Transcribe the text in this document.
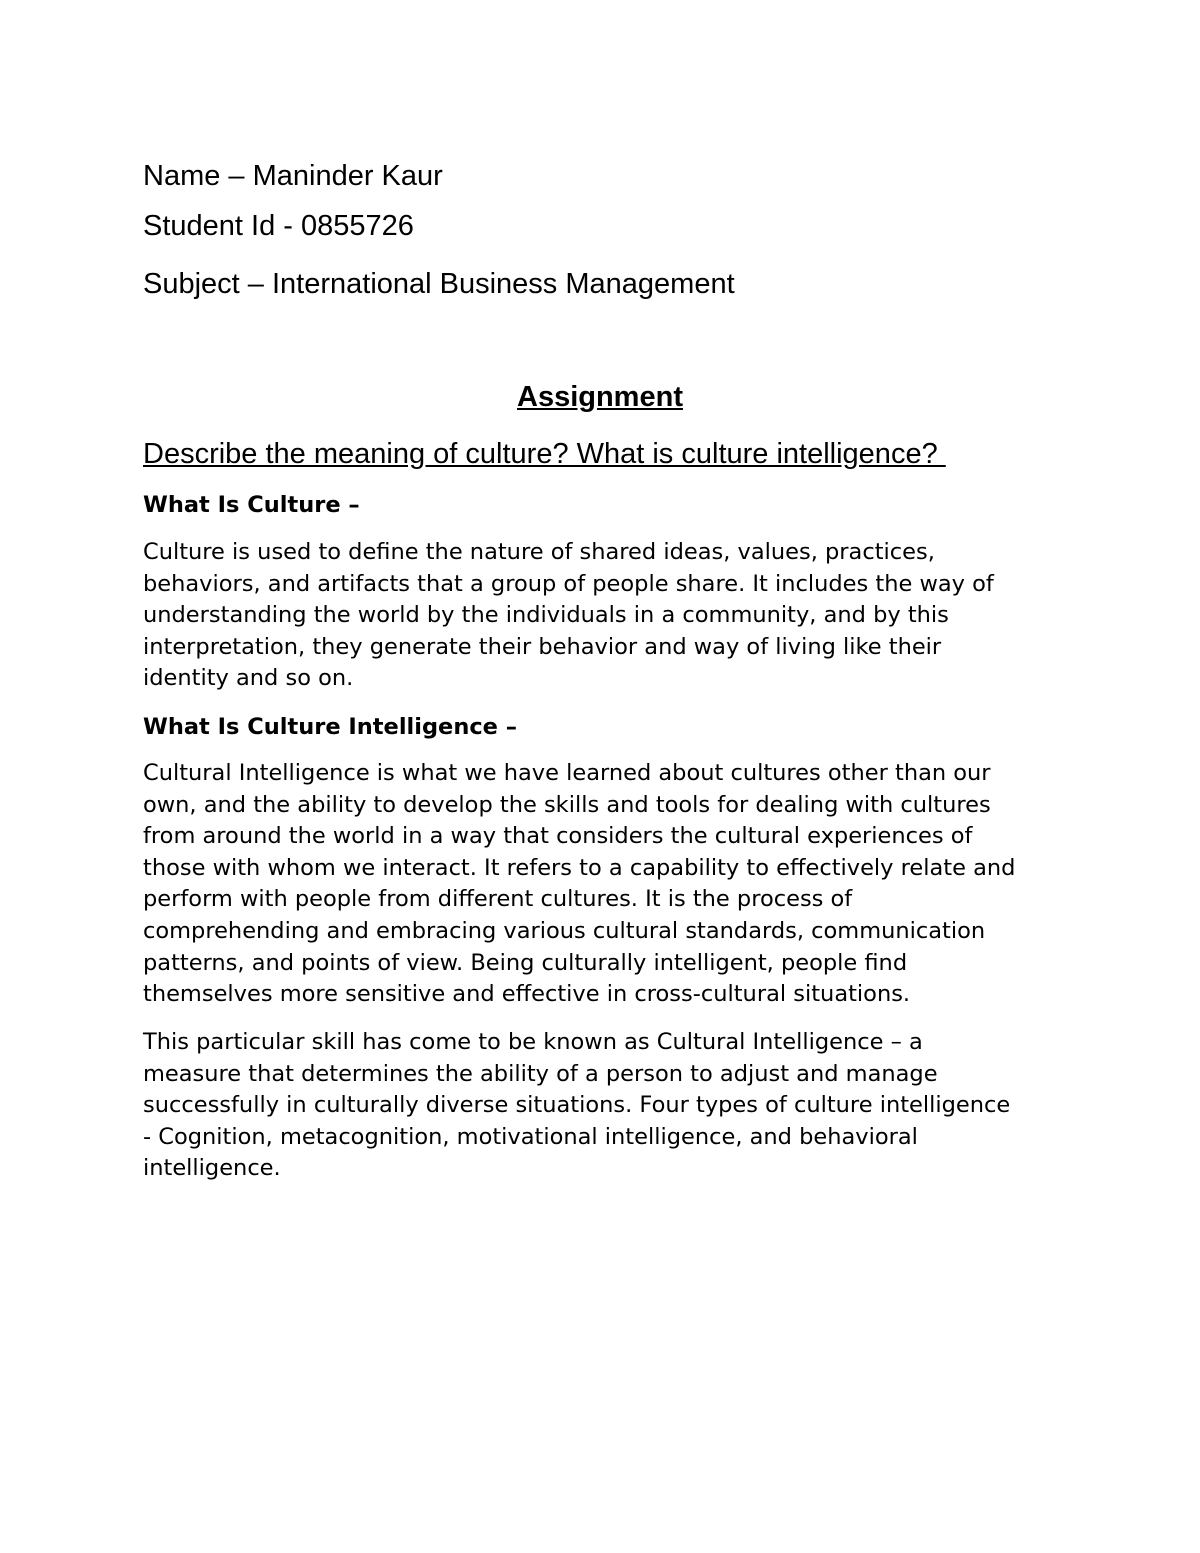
Name – Maninder Kaur
Student Id - 0855726
Subject – International Business Management
Assignment
Describe the meaning of culture? What is culture intelligence?
What Is Culture –
Culture is used to define the nature of shared ideas, values, practices,
behaviors, and artifacts that a group of people share. It includes the way of
understanding the world by the individuals in a community, and by this
interpretation, they generate their behavior and way of living like their
identity and so on.
What Is Culture Intelligence –
Cultural Intelligence is what we have learned about cultures other than our
own, and the ability to develop the skills and tools for dealing with cultures
from around the world in a way that considers the cultural experiences of
those with whom we interact. It refers to a capability to effectively relate and
perform with people from different cultures. It is the process of
comprehending and embracing various cultural standards, communication
patterns, and points of view. Being culturally intelligent, people find
themselves more sensitive and effective in cross-cultural situations.
This particular skill has come to be known as Cultural Intelligence – a
measure that determines the ability of a person to adjust and manage
successfully in culturally diverse situations. Four types of culture intelligence
- Cognition, metacognition, motivational intelligence, and behavioral
intelligence.
